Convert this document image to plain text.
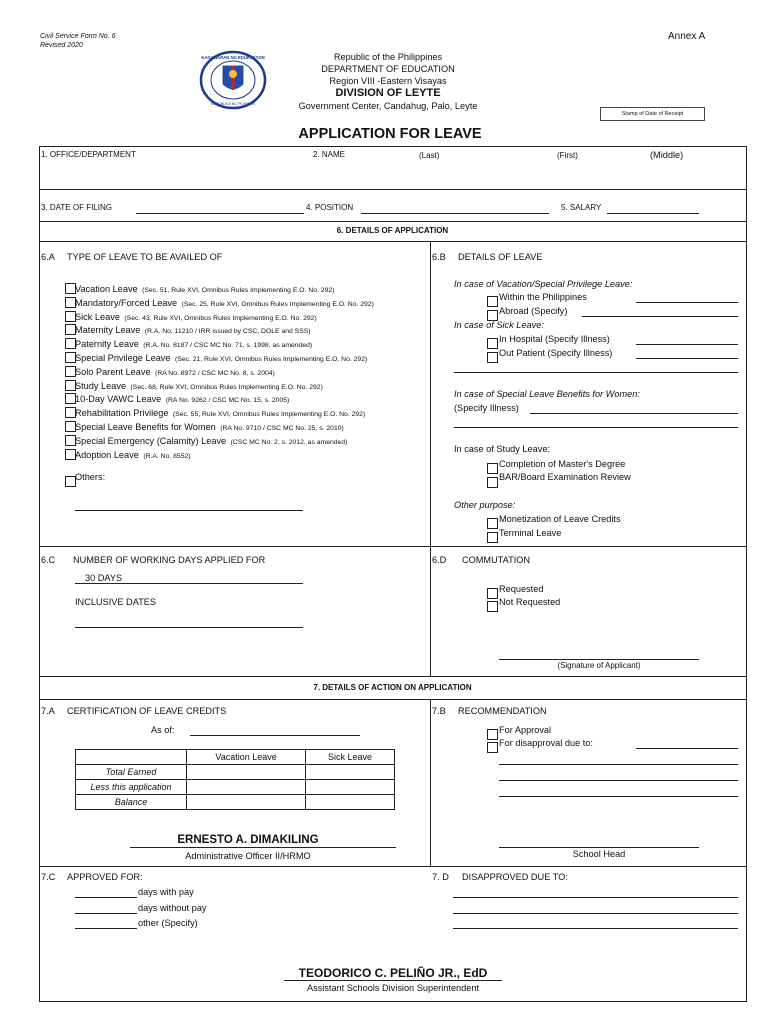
Civil Service Form No. 6
Revised 2020
Annex A
KAGAWARAN NG EDUKASYON
REPUBLIKA NG PILIPINAS
Republic of the Philippines
DEPARTMENT OF EDUCATION
Region VIII -Eastern Visayas
DIVISION OF LEYTE
Government Center, Candahug, Palo, Leyte
Stamp of Date of Receipt
APPLICATION FOR LEAVE
1. OFFICE/DEPARTMENT	2. NAME	(Last)	(First)	(Middle)
3. DATE OF FILING	4. POSITION	5. SALARY
6. DETAILS OF APPLICATION
6.A TYPE OF LEAVE TO BE AVAILED OF
Vacation Leave (Sec. 51, Rule XVI, Omnibus Rules Implementing E.O. No. 292)
Mandatory/Forced Leave (Sec. 25, Rule XVI, Omnibus Rules Implementing E.O. No. 292)
Sick Leave (Sec. 43, Rule XVI, Omnibus Rules Implementing E.O. No. 292)
Maternity Leave (R.A. No. 11210 / IRR issued by CSC, DOLE and SSS)
Paternity Leave (R.A. No. 8187 / CSC MC No. 71, s. 1998, as amended)
Special Privilege Leave (Sec. 21, Rule XVI, Omnibus Rules Implementing E.O. No. 292)
Solo Parent Leave (RA No. 8972 / CSC MC No. 8, s. 2004)
Study Leave (Sec. 68, Rule XVI, Omnibus Rules Implementing E.O. No. 292)
10-Day VAWC Leave (RA No. 9262 / CSC MC No. 15, s. 2005)
Rehabilitation Privilege (Sec. 55, Rule XVI, Omnibus Rules Implementing E.O. No. 292)
Special Leave Benefits for Women (RA No. 9710 / CSC MC No. 25, s. 2010)
Special Emergency (Calamity) Leave (CSC MC No. 2, s. 2012, as amended)
Adoption Leave (R.A. No. 8552)
Others:
6.B DETAILS OF LEAVE
In case of Vacation/Special Privilege Leave:
Within the Philippines
Abroad (Specify)
In case of Sick Leave:
In Hospital (Specify Illness)
Out Patient (Specify Illness)
In case of Special Leave Benefits for Women:
(Specify Illness)
In case of Study Leave:
Completion of Master's Degree
BAR/Board Examination Review
Other purpose:
Monetization of Leave Credits
Terminal Leave
6.C NUMBER OF WORKING DAYS APPLIED FOR
30 DAYS
INCLUSIVE DATES
6.D COMMUTATION
Requested
Not Requested
(Signature of Applicant)
7. DETAILS OF ACTION ON APPLICATION
7.A CERTIFICATION OF LEAVE CREDITS
As of:
	Vacation Leave	Sick Leave
Total Earned		
Less this application		
Balance		
ERNESTO A. DIMAKILING
Administrative Officer II/HRMO
7.B RECOMMENDATION
For Approval
For disapproval due to:
School Head
7.C APPROVED FOR:
days with pay
days without pay
other (Specify)
7. D DISAPPROVED DUE TO:
TEODORICO C. PELIÑO JR., EdD
Assistant Schools Division Superintendent
